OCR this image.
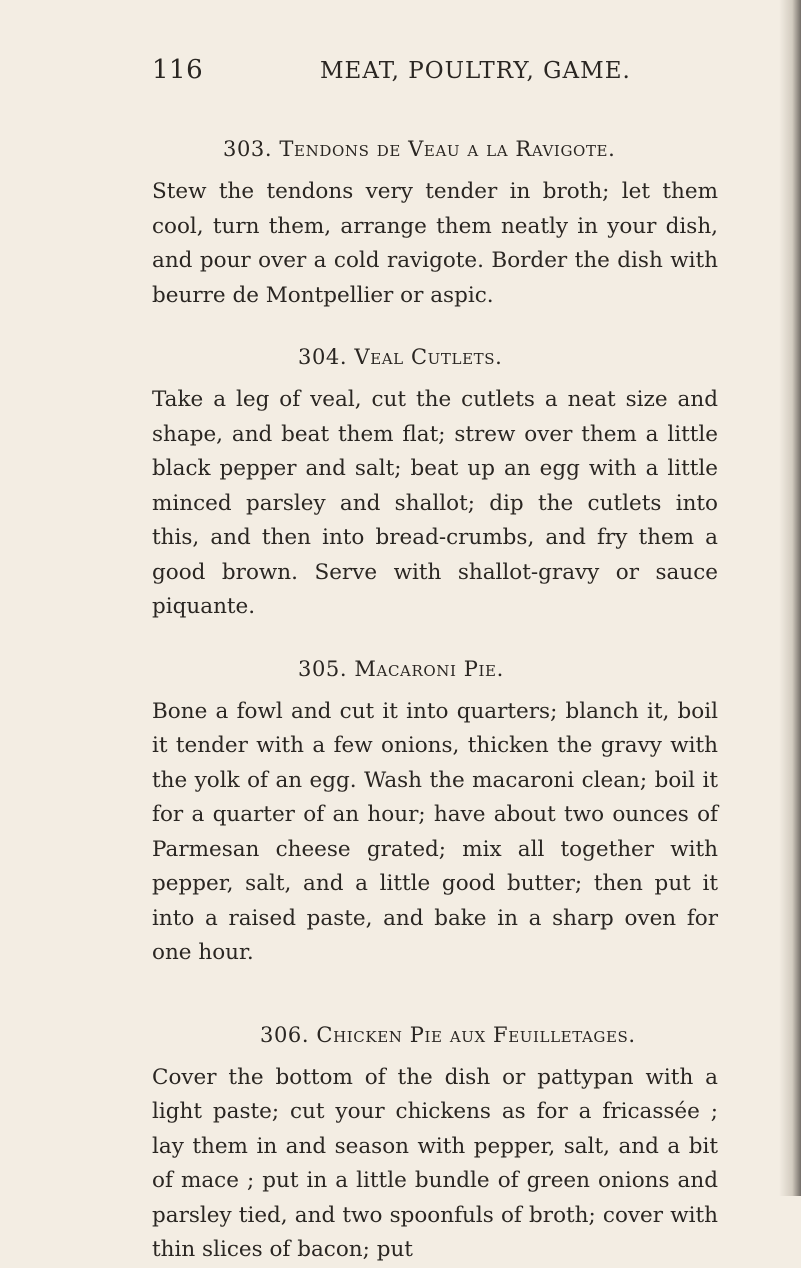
116	MEAT, POULTRY, GAME.
303. Tendons de Veau a la Ravigote.

Stew the tendons very tender in broth; let them cool, turn them, arrange them neatly in your dish, and pour over a cold ravigote. Border the dish with beurre de Montpellier or aspic.

304. Veal Cutlets.

Take a leg of veal, cut the cutlets a neat size and shape, and beat them flat; strew over them a little black pepper and salt; beat up an egg with a little minced parsley and shallot; dip the cutlets into this, and then into bread-crumbs, and fry them a good brown. Serve with shallot-gravy or sauce piquante.

305. Macaroni Pie.

Bone a fowl and cut it into quarters; blanch it, boil it tender with a few onions, thicken the gravy with the yolk of an egg. Wash the macaroni clean; boil it for a quarter of an hour; have about two ounces of Parmesan cheese grated; mix all together with pepper, salt, and a little good butter; then put it into a raised paste, and bake in a sharp oven for one hour.

306. Chicken Pie aux Feuilletages.

Cover the bottom of the dish or pattypan with a light paste; cut your chickens as for a fricassée ; lay them in and season with pepper, salt, and a bit of mace ; put in a little bundle of green onions and parsley tied, and two spoonfuls of broth; cover with thin slices of bacon; put
